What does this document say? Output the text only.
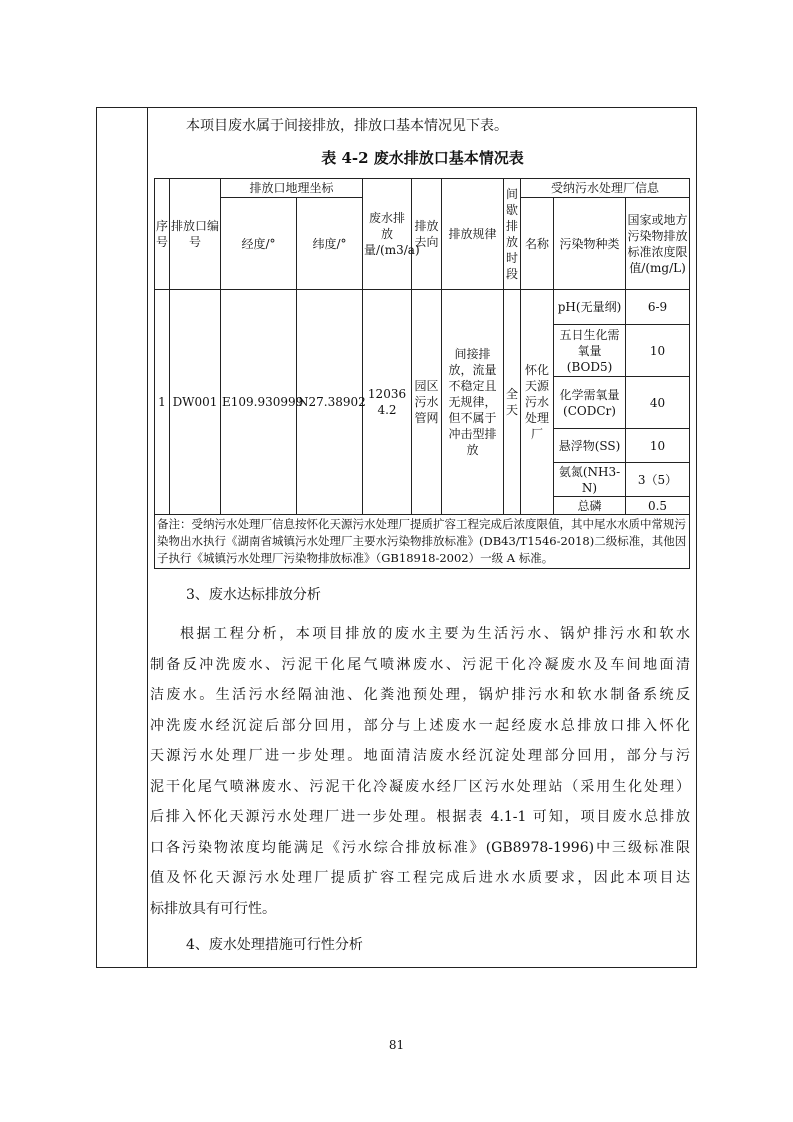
本项目废水属于间接排放，排放口基本情况见下表。
表 4-2 废水排放口基本情况表
序号	排放口编号	排放口地理坐标		废水排放量/(m3/a)	排放去向	排放规律	间歇排放时段	受纳污水处理厂信息		
		经度/°	纬度/°					名称	污染物种类	国家或地方污染物排放标准浓度限值/(mg/L)
1	DW001	E109.930999	N27.38902	120364.2	园区污水管网	间接排放，流量不稳定且无规律，但不属于冲击型排放	全天	怀化天源污水处理厂	pH(无量纲)	6-9
									五日生化需氧量(BOD5)	10
									化学需氧量(CODCr)	40
									悬浮物(SS)	10
									氨氮(NH3-N)	3（5）
									总磷	0.5
备注：受纳污水处理厂信息按怀化天源污水处理厂提质扩容工程完成后浓度限值，其中尾水水质中常规污染物出水执行《湖南省城镇污水处理厂主要水污染物排放标准》(DB43/T1546-2018)二级标准，其他因子执行《城镇污水处理厂污染物排放标准》（GB18918-2002）一级 A 标准。										
3、废水达标排放分析
根据工程分析，本项目排放的废水主要为生活污水、锅炉排污水和软水
制备反冲洗废水、污泥干化尾气喷淋废水、污泥干化冷凝废水及车间地面清
洁废水。生活污水经隔油池、化粪池预处理，锅炉排污水和软水制备系统反
冲洗废水经沉淀后部分回用，部分与上述废水一起经废水总排放口排入怀化
天源污水处理厂进一步处理。地面清洁废水经沉淀处理部分回用，部分与污
泥干化尾气喷淋废水、污泥干化冷凝废水经厂区污水处理站（采用生化处理）
后排入怀化天源污水处理厂进一步处理。根据表 4.1-1 可知，项目废水总排放
口各污染物浓度均能满足《污水综合排放标准》(GB8978-1996)中三级标准限
值及怀化天源污水处理厂提质扩容工程完成后进水水质要求，因此本项目达
标排放具有可行性。
4、废水处理措施可行性分析
81
